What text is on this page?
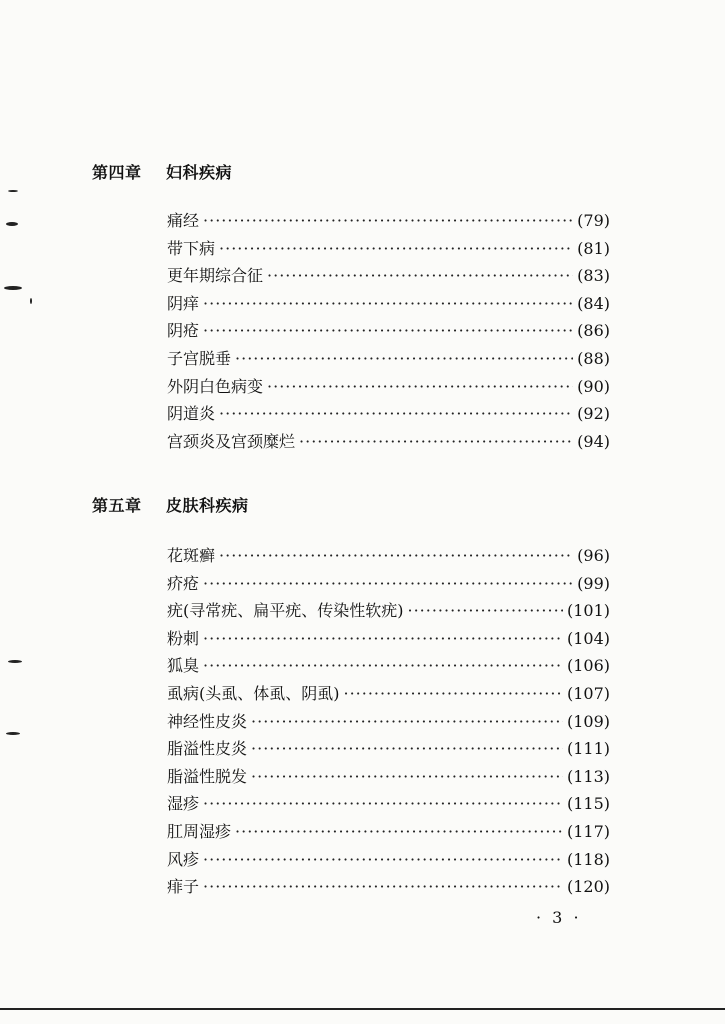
第四章 妇科疾病
痛经 ·····	(79)
带下病 ·····	(81)
更年期综合征 ·····	(83)
阴痒 ·····	(84)
阴疮 ·····	(86)
子宫脱垂 ·····	(88)
外阴白色病变 ·····	(90)
阴道炎 ·····	(92)
宫颈炎及宫颈糜烂 ·····	(94)
第五章 皮肤科疾病
花斑癣 ·····	(96)
疥疮 ·····	(99)
疣(寻常疣、扁平疣、传染性软疣) ·····	(101)
粉刺 ·····	(104)
狐臭 ·····	(106)
虱病(头虱、体虱、阴虱) ·····	(107)
神经性皮炎 ·····	(109)
脂溢性皮炎 ·····	(111)
脂溢性脱发 ·····	(113)
湿疹 ·····	(115)
肛周湿疹 ·····	(117)
风疹 ·····	(118)
痱子 ·····	(120)
· 3 ·
